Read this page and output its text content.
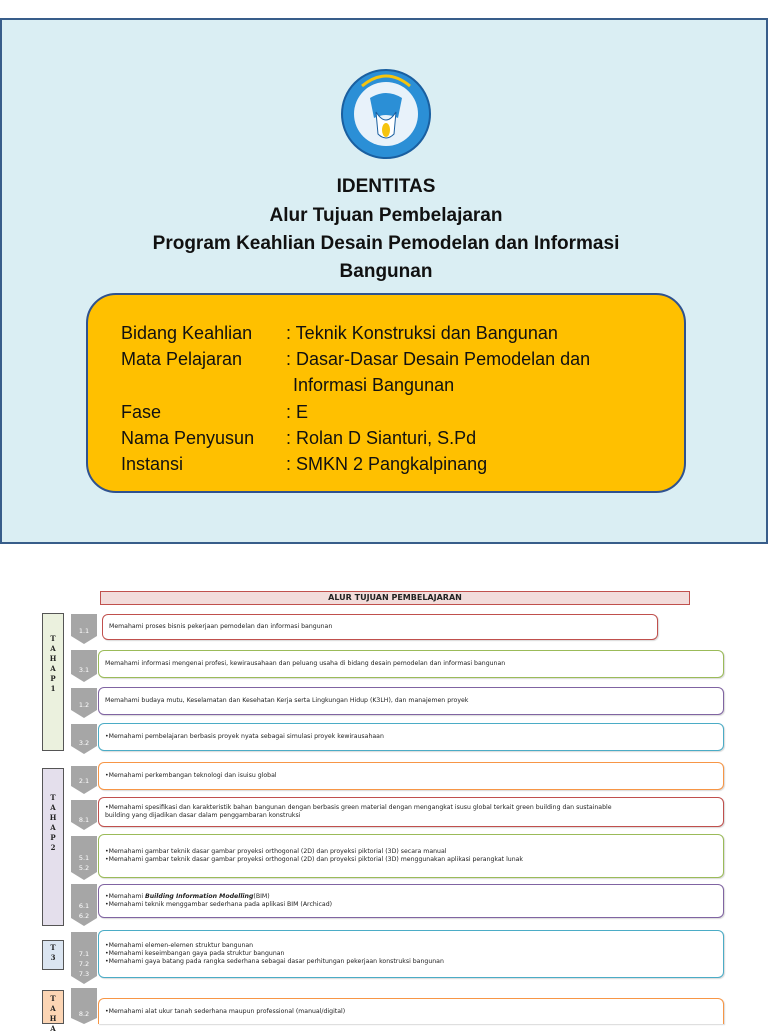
IDENTITAS
Alur Tujuan Pembelajaran
Program Keahlian Desain Pemodelan dan Informasi
Bangunan
Bidang Keahlian : Teknik Konstruksi dan Bangunan
Mata Pelajaran : Dasar-Dasar Desain Pemodelan dan
Informasi Bangunan
Fase	: E
Nama Penyusun : Rolan D Sianturi, S.Pd
Instansi	: SMKN 2 Pangkalpinang
ALUR TUJUAN PEMBELAJARAN
T
A
H
A
P
1
T
A
H
A
P
2
T
3
T
A
H
A
1.1
3.1
1.2
3.2
2.1
8.1
5.1
5.2
6.1
6.2
7.1
7.2
7.3
8.2
Memahami proses bisnis pekerjaan pemodelan dan informasi bangunan
Memahami informasi mengenai profesi, kewirausahaan dan peluang usaha di bidang desain pemodelan dan informasi bangunan
Memahami budaya mutu, Keselamatan dan Kesehatan Kerja serta Lingkungan Hidup (K3LH), dan manajemen proyek
•Memahami pembelajaran berbasis proyek nyata sebagai simulasi proyek kewirausahaan
•Memahami perkembangan teknologi dan isuisu global
•Memahami spesifikasi dan karakteristik bahan bangunan dengan berbasis green material dengan mengangkat isusu global terkait green building dan sustainable
building yang dijadikan dasar dalam penggambaran konstruksi
•Memahami gambar teknik dasar gambar proyeksi orthogonal (2D) dan proyeksi piktorial (3D) secara manual
•Memahami gambar teknik dasar gambar proyeksi orthogonal (2D) dan proyeksi piktorial (3D) menggunakan aplikasi perangkat lunak
•Memahami Building Information Modelling(BIM)
•Memahami teknik menggambar sederhana pada aplikasi BIM (Archicad)
•Memahami elemen-elemen struktur bangunan
•Memahami keseimbangan gaya pada struktur bangunan
•Memahami gaya batang pada rangka sederhana sebagai dasar perhitungan pekerjaan konstruksi bangunan
•Memahami alat ukur tanah sederhana maupun professional (manual/digital)
